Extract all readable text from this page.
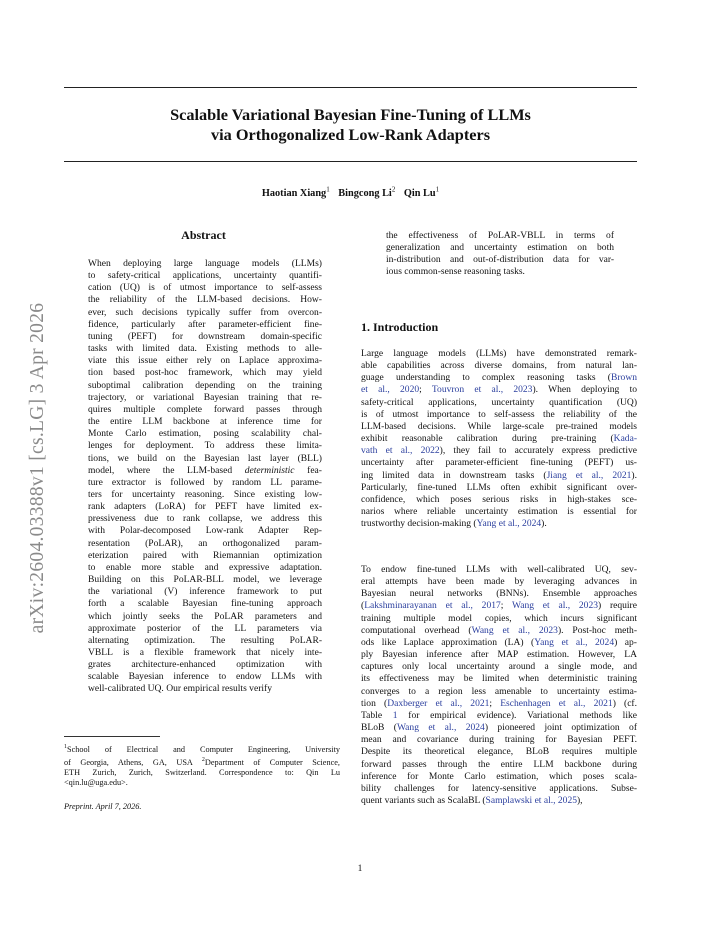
Scalable Variational Bayesian Fine-Tuning of LLMs
via Orthogonalized Low-Rank Adapters
Haotian Xiang$^1$ Bingcong Li$^2$ Qin Lu$^1$
arXiv:2604.03388v1 [cs.LG] 3 Apr 2026
Abstract
When deploying large language models (LLMs)
to safety-critical applications, uncertainty quantifi-
cation (UQ) is of utmost importance to self-assess
the reliability of the LLM-based decisions. How-
ever, such decisions typically suffer from overcon-
fidence, particularly after parameter-efficient fine-
tuning (PEFT) for downstream domain-specific
tasks with limited data. Existing methods to alle-
viate this issue either rely on Laplace approxima-
tion based post-hoc framework, which may yield
suboptimal calibration depending on the training
trajectory, or variational Bayesian training that re-
quires multiple complete forward passes through
the entire LLM backbone at inference time for
Monte Carlo estimation, posing scalability chal-
lenges for deployment. To address these limita-
tions, we build on the Bayesian last layer (BLL)
model, where the LLM-based deterministic fea-
ture extractor is followed by random LL parame-
ters for uncertainty reasoning. Since existing low-
rank adapters (LoRA) for PEFT have limited ex-
pressiveness due to rank collapse, we address this
with Polar-decomposed Low-rank Adapter Rep-
resentation (PoLAR), an orthogonalized param-
eterization paired with Riemannian optimization
to enable more stable and expressive adaptation.
Building on this PoLAR-BLL model, we leverage
the variational (V) inference framework to put
forth a scalable Bayesian fine-tuning approach
which jointly seeks the PoLAR parameters and
approximate posterior of the LL parameters via
alternating optimization. The resulting PoLAR-
VBLL is a flexible framework that nicely inte-
grates architecture-enhanced optimization with
scalable Bayesian inference to endow LLMs with
well-calibrated UQ. Our empirical results verify
the effectiveness of PoLAR-VBLL in terms of
generalization and uncertainty estimation on both
in-distribution and out-of-distribution data for var-
ious common-sense reasoning tasks.
1. Introduction
Large language models (LLMs) have demonstrated remark-
able capabilities across diverse domains, from natural lan-
guage understanding to complex reasoning tasks (Brown
et al., 2020; Touvron et al., 2023). When deploying to
safety-critical applications, uncertainty quantification (UQ)
is of utmost importance to self-assess the reliability of the
LLM-based decisions. While large-scale pre-trained models
exhibit reasonable calibration during pre-training (Kada-
vath et al., 2022), they fail to accurately express predictive
uncertainty after parameter-efficient fine-tuning (PEFT) us-
ing limited data in downstream tasks (Jiang et al., 2021).
Particularly, fine-tuned LLMs often exhibit significant over-
confidence, which poses serious risks in high-stakes sce-
narios where reliable uncertainty estimation is essential for
trustworthy decision-making (Yang et al., 2024).
To endow fine-tuned LLMs with well-calibrated UQ, sev-
eral attempts have been made by leveraging advances in
Bayesian neural networks (BNNs). Ensemble approaches
(Lakshminarayanan et al., 2017; Wang et al., 2023) require
training multiple model copies, which incurs significant
computational overhead (Wang et al., 2023). Post-hoc meth-
ods like Laplace approximation (LA) (Yang et al., 2024) ap-
ply Bayesian inference after MAP estimation. However, LA
captures only local uncertainty around a single mode, and
its effectiveness may be limited when deterministic training
converges to a region less amenable to uncertainty estima-
tion (Daxberger et al., 2021; Eschenhagen et al., 2021) (cf.
Table 1 for empirical evidence). Variational methods like
BLoB (Wang et al., 2024) pioneered joint optimization of
mean and covariance during training for Bayesian PEFT.
Despite its theoretical elegance, BLoB requires multiple
forward passes through the entire LLM backbone during
inference for Monte Carlo estimation, which poses scala-
bility challenges for latency-sensitive applications. Subse-
quent variants such as ScalaBL (Samplawski et al., 2025),
$^1$School of Electrical and Computer Engineering, University
of Georgia, Athens, GA, USA $^2$Department of Computer Science,
ETH Zurich, Zurich, Switzerland. Correspondence to: Qin Lu
<qin.lu@uga.edu>.
Preprint. April 7, 2026.
1
